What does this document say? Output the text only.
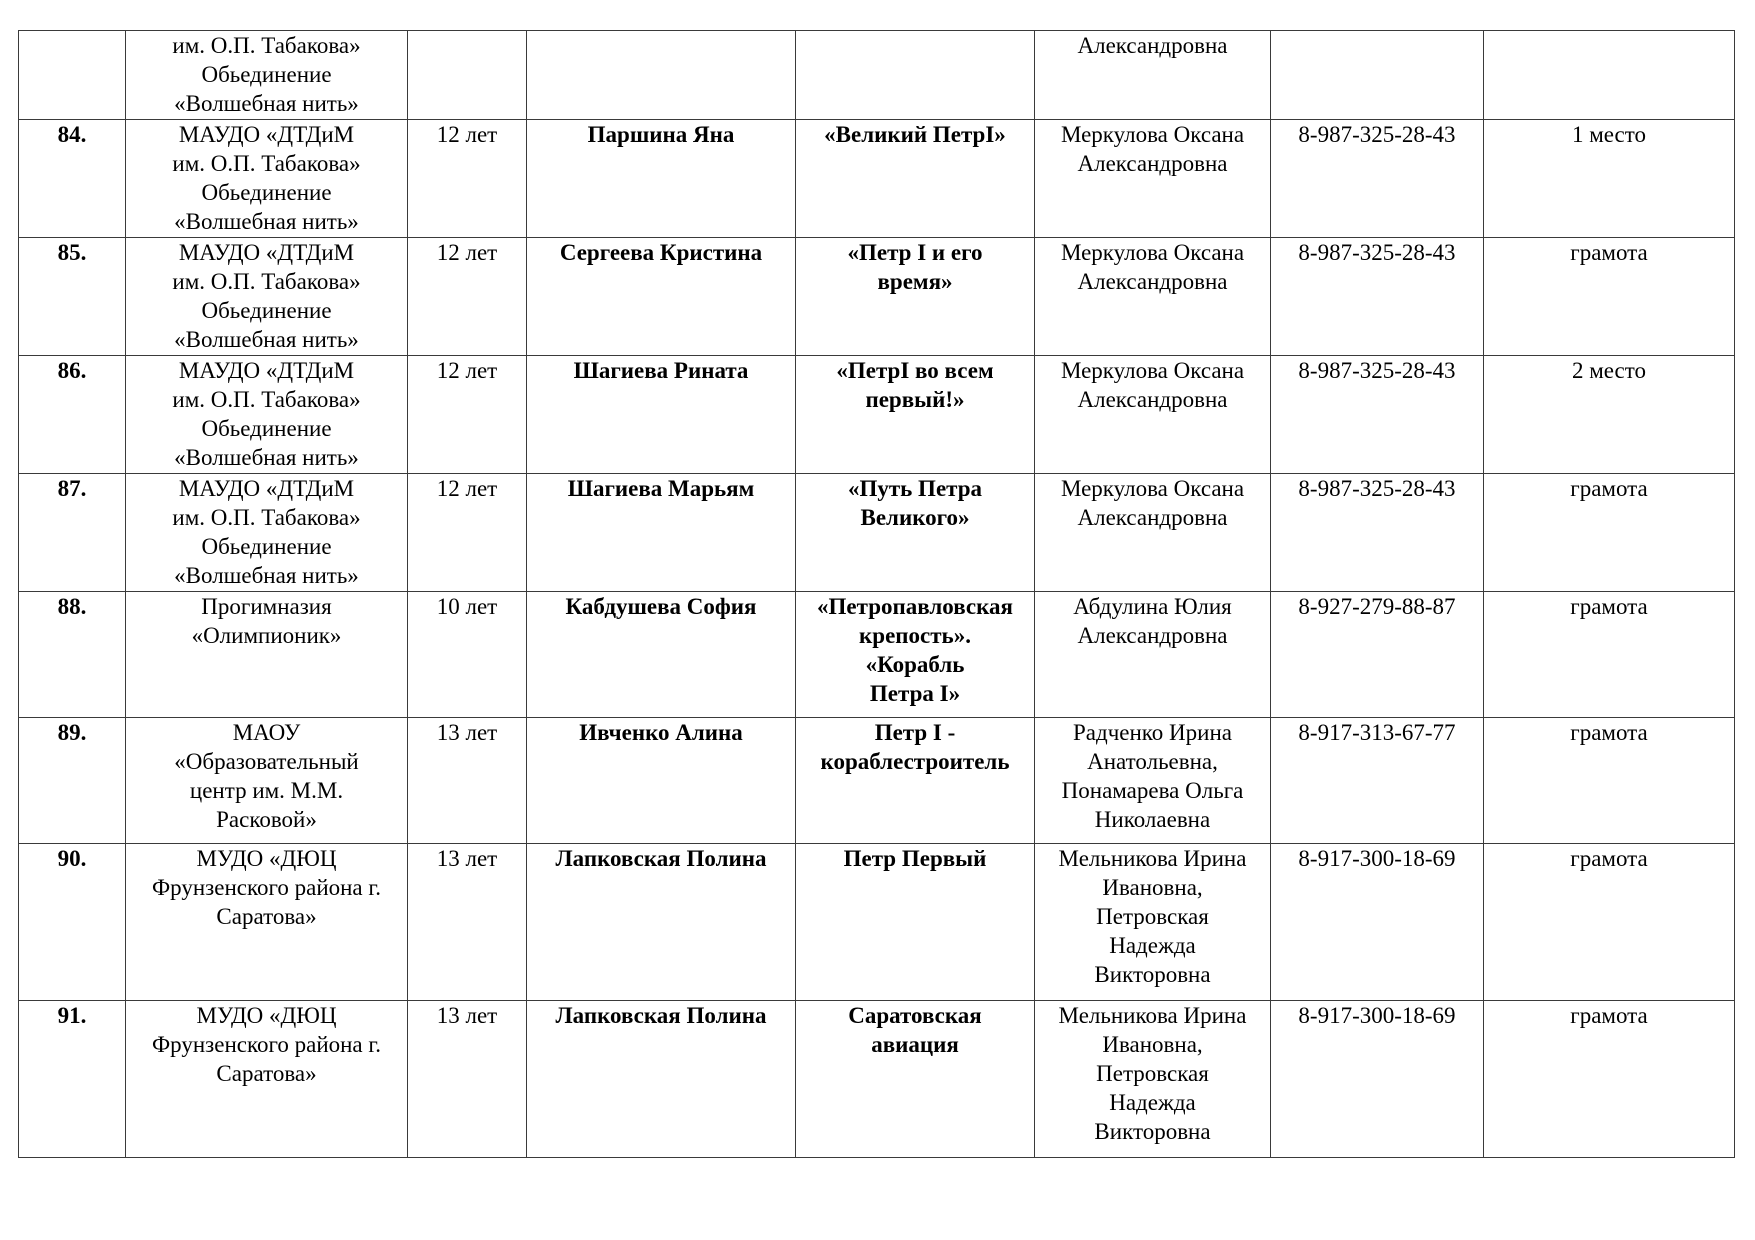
	им. О.П. Табакова»
Обьединение
«Волшебная нить»				Александровна		
84.	МАУДО «ДТДиМ
им. О.П. Табакова»
Обьединение
«Волшебная нить»	12 лет	Паршина Яна	«Великий ПетрI»	Меркулова Оксана
Александровна	8-987-325-28-43	1 место
85.	МАУДО «ДТДиМ
им. О.П. Табакова»
Обьединение
«Волшебная нить»	12 лет	Сергеева Кристина	«Петр I и его
время»	Меркулова Оксана
Александровна	8-987-325-28-43	грамота
86.	МАУДО «ДТДиМ
им. О.П. Табакова»
Обьединение
«Волшебная нить»	12 лет	Шагиева Рината	«ПетрI во всем
первый!»	Меркулова Оксана
Александровна	8-987-325-28-43	2 место
87.	МАУДО «ДТДиМ
им. О.П. Табакова»
Обьединение
«Волшебная нить»	12 лет	Шагиева Марьям	«Путь Петра
Великого»	Меркулова Оксана
Александровна	8-987-325-28-43	грамота
88.	Прогимназия
«Олимпионик»	10 лет	Кабдушева София	«Петропавловская
крепость».
«Корабль
Петра I»	Абдулина Юлия
Александровна	8-927-279-88-87	грамота
89.	МАОУ
«Образовательный
центр им. М.М.
Расковой»	13 лет	Ивченко Алина	Петр I -
кораблестроитель	Радченко Ирина
Анатольевна,
Понамарева Ольга
Николаевна	8-917-313-67-77	грамота
90.	МУДО «ДЮЦ
Фрунзенского района г.
Саратова»	13 лет	Лапковская Полина	Петр Первый	Мельникова Ирина
Ивановна,
Петровская
Надежда
Викторовна	8-917-300-18-69	грамота
91.	МУДО «ДЮЦ
Фрунзенского района г.
Саратова»	13 лет	Лапковская Полина	Саратовская
авиация	Мельникова Ирина
Ивановна,
Петровская
Надежда
Викторовна	8-917-300-18-69	грамота
